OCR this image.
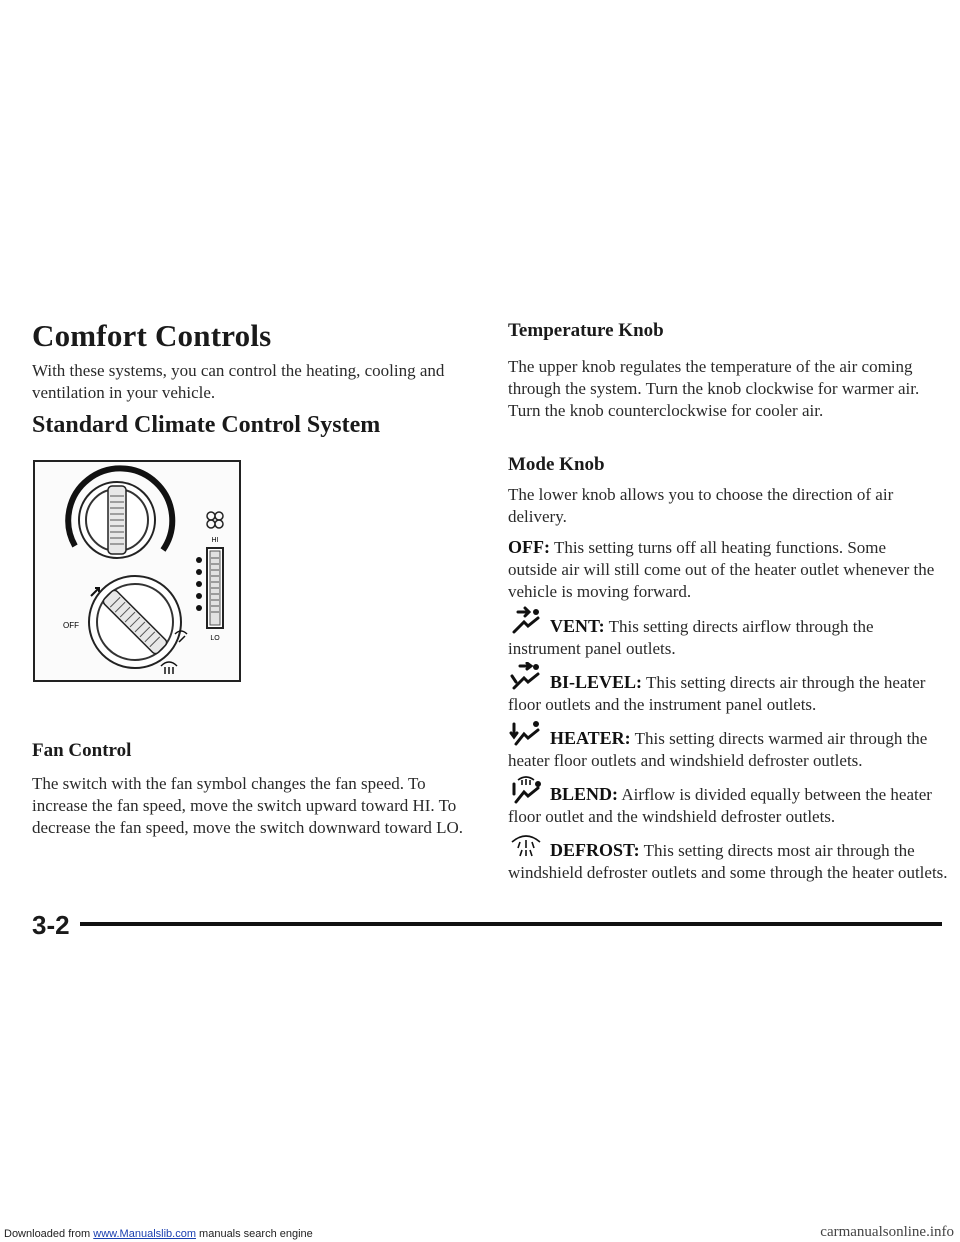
Comfort Controls

With these systems, you can control the heating, cooling and ventilation in your vehicle.

Standard Climate Control System
HI
LO
OFF
Fan Control

The switch with the fan symbol changes the fan speed. To increase the fan speed, move the switch upward toward HI. To decrease the fan speed, move the switch downward toward LO.

Temperature Knob

The upper knob regulates the temperature of the air coming through the system. Turn the knob clockwise for warmer air. Turn the knob counterclockwise for cooler air.

Mode Knob

The lower knob allows you to choose the direction of air delivery.

OFF: This setting turns off all heating functions. Some outside air will still come out of the heater outlet whenever the vehicle is moving forward.

VENT: This setting directs airflow through the instrument panel outlets.
BI-LEVEL: This setting directs air through the heater floor outlets and the instrument panel outlets.
HEATER: This setting directs warmed air through the heater floor outlets and windshield defroster outlets.
BLEND: Airflow is divided equally between the heater floor outlet and the windshield defroster outlets.
DEFROST: This setting directs most air through the windshield defroster outlets and some through the heater outlets.
3-2
Downloaded from www.Manualslib.com manuals search engine	carmanualsonline.info
